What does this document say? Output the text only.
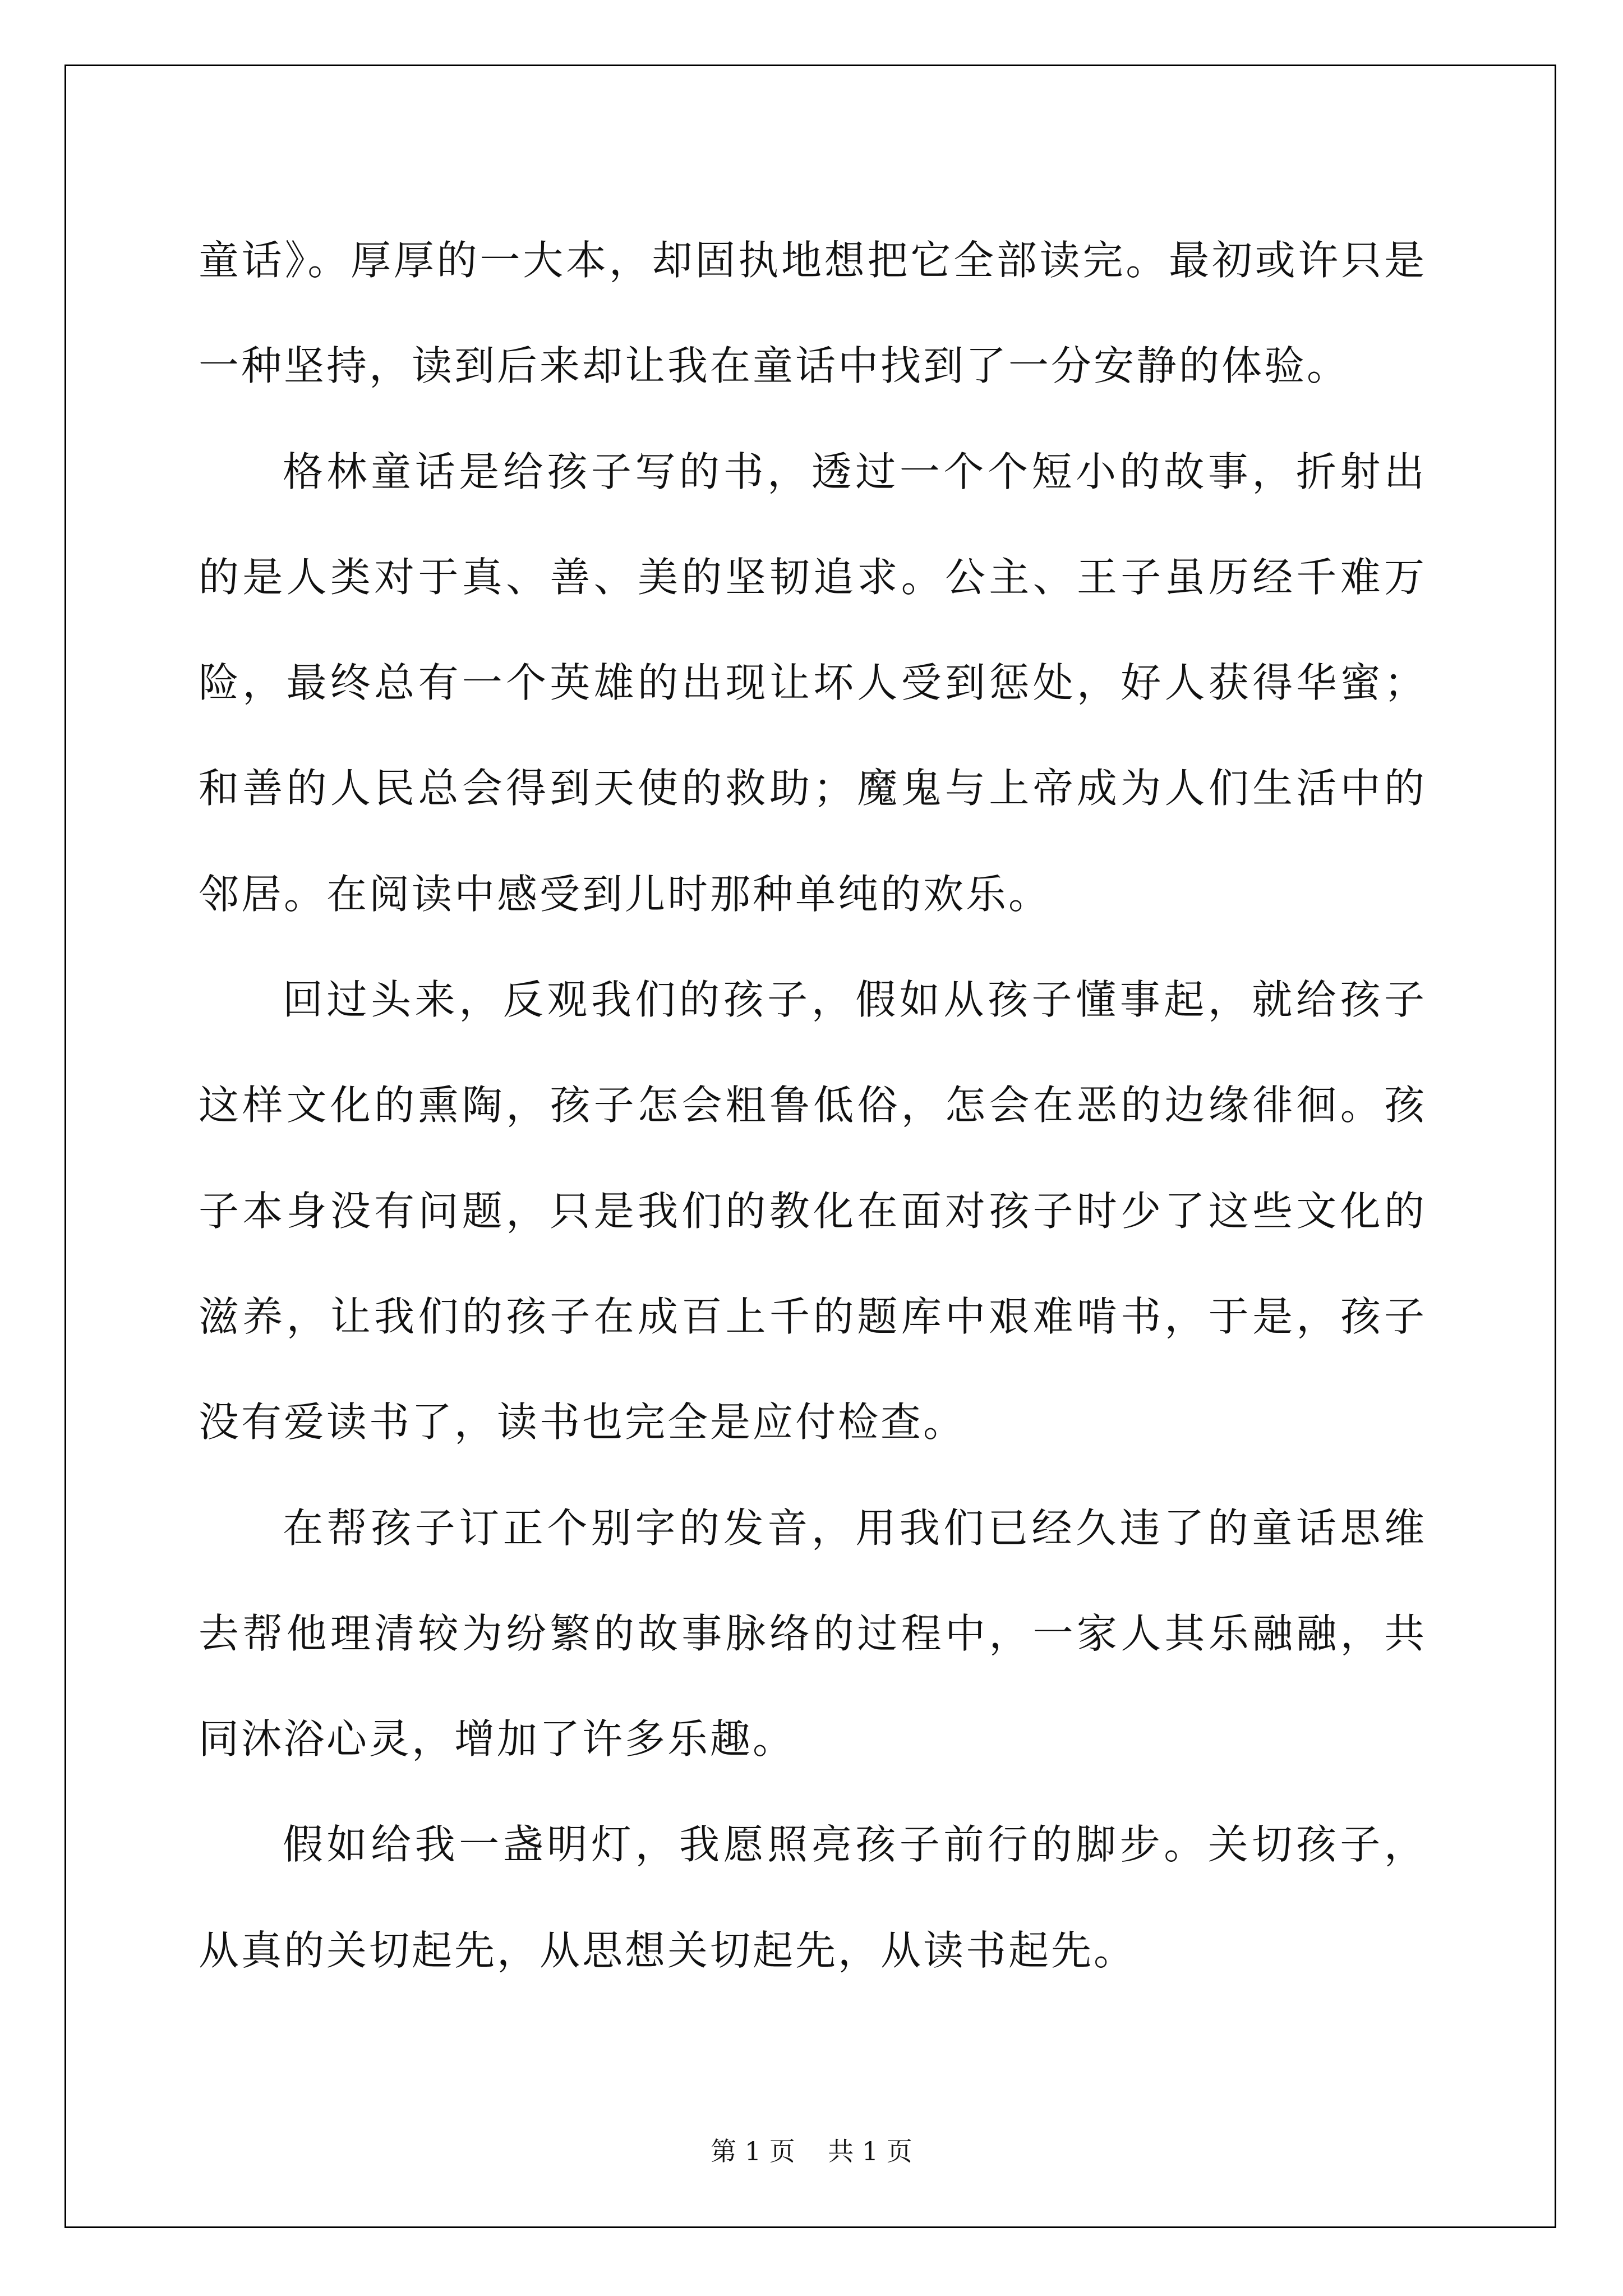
童话》。厚厚的一大本，却固执地想把它全部读完。最初或许只是一种坚持，读到后来却让我在童话中找到了一分安静的体验。

格林童话是给孩子写的书，透过一个个短小的故事，折射出的是人类对于真、善、美的坚韧追求。公主、王子虽历经千难万险，最终总有一个英雄的出现让坏人受到惩处，好人获得华蜜；和善的人民总会得到天使的救助；魔鬼与上帝成为人们生活中的邻居。在阅读中感受到儿时那种单纯的欢乐。

回过头来，反观我们的孩子，假如从孩子懂事起，就给孩子这样文化的熏陶，孩子怎会粗鲁低俗，怎会在恶的边缘徘徊。孩子本身没有问题，只是我们的教化在面对孩子时少了这些文化的滋养，让我们的孩子在成百上千的题库中艰难啃书，于是，孩子没有爱读书了，读书也完全是应付检查。

在帮孩子订正个别字的发音，用我们已经久违了的童话思维去帮他理清较为纷繁的故事脉络的过程中，一家人其乐融融，共同沐浴心灵，增加了许多乐趣。

假如给我一盏明灯，我愿照亮孩子前行的脚步。关切孩子，从真的关切起先，从思想关切起先，从读书起先。

第 1 页    共 1 页
